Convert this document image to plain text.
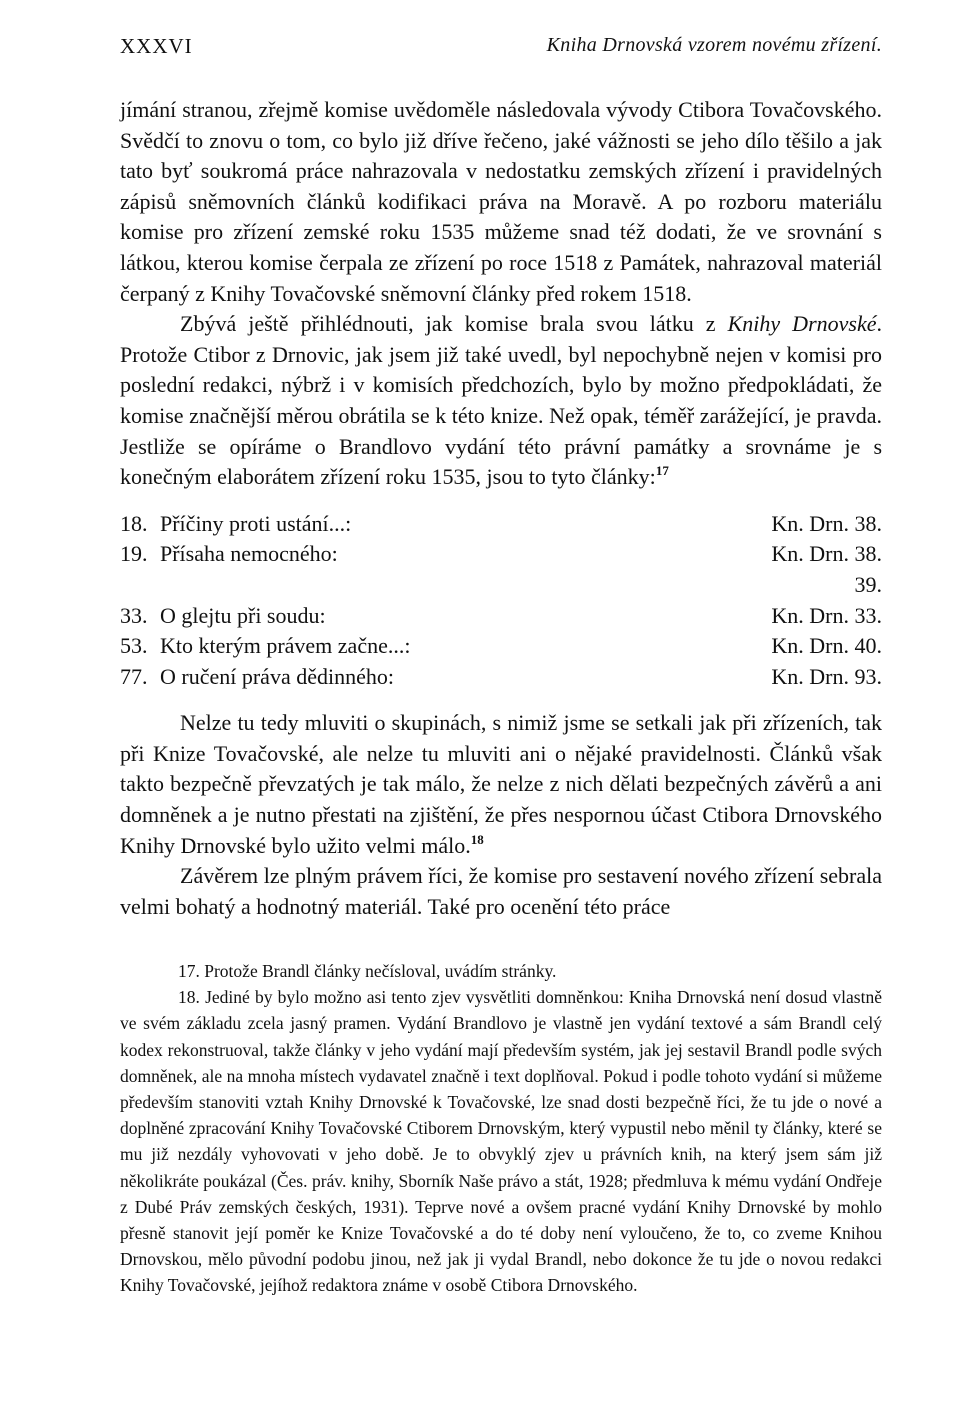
XXXVI	Kniha Drnovská vzorem novému zřízení.

jímání stranou, zřejmě komise uvědoměle následovala vývody Ctibora Tovačovského. Svědčí to znovu o tom, co bylo již dříve řečeno, jaké vážnosti se jeho dílo těšilo a jak tato byť soukromá práce nahrazovala v nedostatku zemských zřízení i pravidelných zápisů sněmovních článků kodifikaci práva na Moravě. A po rozboru materiálu komise pro zřízení zemské roku 1535 můžeme snad též dodati, že ve srovnání s látkou, kterou komise čerpala ze zřízení po roce 1518 z Památek, nahrazoval materiál čerpaný z Knihy Tovačovské sněmovní články před rokem 1518.

Zbývá ještě přihlédnouti, jak komise brala svou látku z Knihy Drnovské. Protože Ctibor z Drnovic, jak jsem již také uvedl, byl nepochybně nejen v komisi pro poslední redakci, nýbrž i v komisích předchozích, bylo by možno předpokládati, že komise značnější měrou obrátila se k této knize. Než opak, téměř zarážející, je pravda. Jestliže se opíráme o Brandlovo vydání této právní památky a srovnáme je s konečným elaborátem zřízení roku 1535, jsou to tyto články:$^{17}$

18. Příčiny proti ustání...:	Kn. Drn. 38.
19. Přísaha nemocného:	Kn. Drn. 38.
39.
33. O glejtu při soudu:	Kn. Drn. 33.
53. Kto kterým právem začne...:	Kn. Drn. 40.
77. O ručení práva dědinného:	Kn. Drn. 93.

Nelze tu tedy mluviti o skupinách, s nimiž jsme se setkali jak při zřízeních, tak při Knize Tovačovské, ale nelze tu mluviti ani o nějaké pravidelnosti. Článků však takto bezpečně převzatých je tak málo, že nelze z nich dělati bezpečných závěrů a ani domněnek a je nutno přestati na zjištění, že přes nespornou účast Ctibora Drnovského Knihy Drnovské bylo užito velmi málo.$^{18}$

Závěrem lze plným právem říci, že komise pro sestavení nového zřízení sebrala velmi bohatý a hodnotný materiál. Také pro ocenění této práce

17. Protože Brandl články nečísloval, uvádím stránky.

18. Jediné by bylo možno asi tento zjev vysvětliti domněnkou: Kniha Drnovská není dosud vlastně ve svém základu zcela jasný pramen. Vydání Brandlovo je vlastně jen vydání textové a sám Brandl celý kodex rekonstruoval, takže články v jeho vydání mají především systém, jak jej sestavil Brandl podle svých domněnek, ale na mnoha místech vydavatel značně i text doplňoval. Pokud i podle tohoto vydání si můžeme především stanoviti vztah Knihy Drnovské k Tovačovské, lze snad dosti bezpečně říci, že tu jde o nové a doplněné zpracování Knihy Tovačovské Ctiborem Drnovským, který vypustil nebo měnil ty články, které se mu již nezdály vyhovovati v jeho době. Je to obvyklý zjev u právních knih, na který jsem sám již několikráte poukázal (Čes. práv. knihy, Sborník Naše právo a stát, 1928; předmluva k mému vydání Ondřeje z Dubé Práv zemských českých, 1931). Teprve nové a ovšem pracné vydání Knihy Drnovské by mohlo přesně stanovit její poměr ke Knize Tovačovské a do té doby není vyloučeno, že to, co zveme Knihou Drnovskou, mělo původní podobu jinou, než jak ji vydal Brandl, nebo dokonce že tu jde o novou redakci Knihy Tovačovské, jejíhož redaktora známe v osobě Ctibora Drnovského.
